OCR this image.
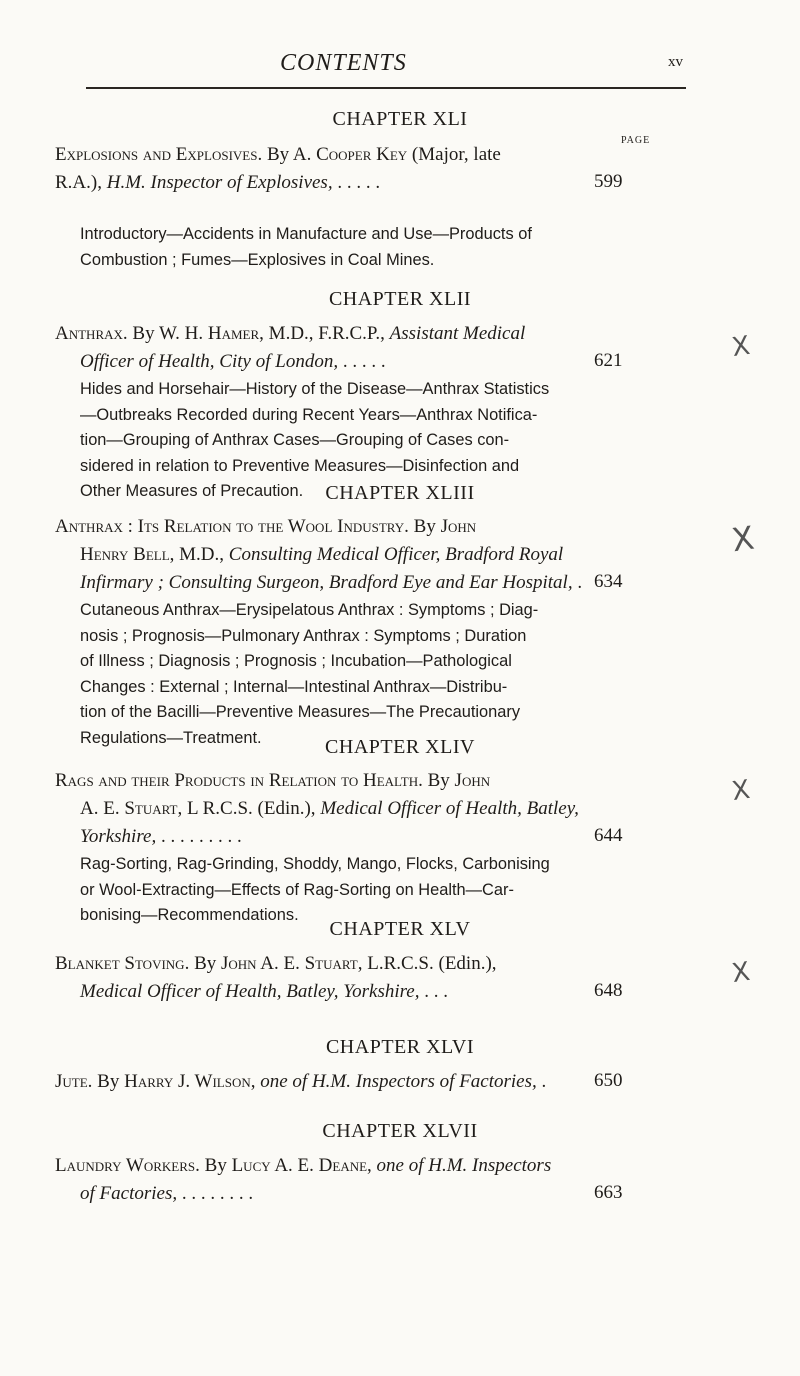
CONTENTS	xv
PAGE
CHAPTER XLI
Explosions and Explosives. By A. Cooper Key (Major, late
R.A.), H.M. Inspector of Explosives, . . . . .	599
Introductory—Accidents in Manufacture and Use—Products of
Combustion ; Fumes—Explosives in Coal Mines.
CHAPTER XLII
Anthrax. By W. H. Hamer, M.D., F.R.C.P., Assistant Medical
Officer of Health, City of London, . . . . .	621	X
Hides and Horsehair—History of the Disease—Anthrax Statistics
—Outbreaks Recorded during Recent Years—Anthrax Notifica-
tion—Grouping of Anthrax Cases—Grouping of Cases con-
sidered in relation to Preventive Measures—Disinfection and
Other Measures of Precaution.	CHAPTER XLIII
Anthrax : Its Relation to the Wool Industry. By John
Henry Bell, M.D., Consulting Medical Officer, Bradford Royal
Infirmary ; Consulting Surgeon, Bradford Eye and Ear Hospital, . 634
X
Cutaneous Anthrax—Erysipelatous Anthrax : Symptoms ; Diag-
nosis ; Prognosis—Pulmonary Anthrax : Symptoms ; Duration
of Illness ; Diagnosis ; Prognosis ; Incubation—Pathological
Changes : External ; Internal—Intestinal Anthrax—Distribu-
tion of the Bacilli—Preventive Measures—The Precautionary
Regulations—Treatment.	CHAPTER XLIV
Rags and their Products in Relation to Health. By John
A. E. Stuart, L R.C.S. (Edin.), Medical Officer of Health, Batley,
Yorkshire, . . . . . . . . .	644
X
Rag-Sorting, Rag-Grinding, Shoddy, Mango, Flocks, Carbonising
or Wool-Extracting—Effects of Rag-Sorting on Health—Car-
bonising—Recommendations.
CHAPTER XLV
Blanket Stoving. By John A. E. Stuart, L.R.C.S. (Edin.),
Medical Officer of Health, Batley, Yorkshire, . . .	648
X
CHAPTER XLVI
Jute. By Harry J. Wilson, one of H.M. Inspectors of Factories, .	650
CHAPTER XLVII
Laundry Workers. By Lucy A. E. Deane, one of H.M. Inspectors
of Factories, . . . . . . . .	663
